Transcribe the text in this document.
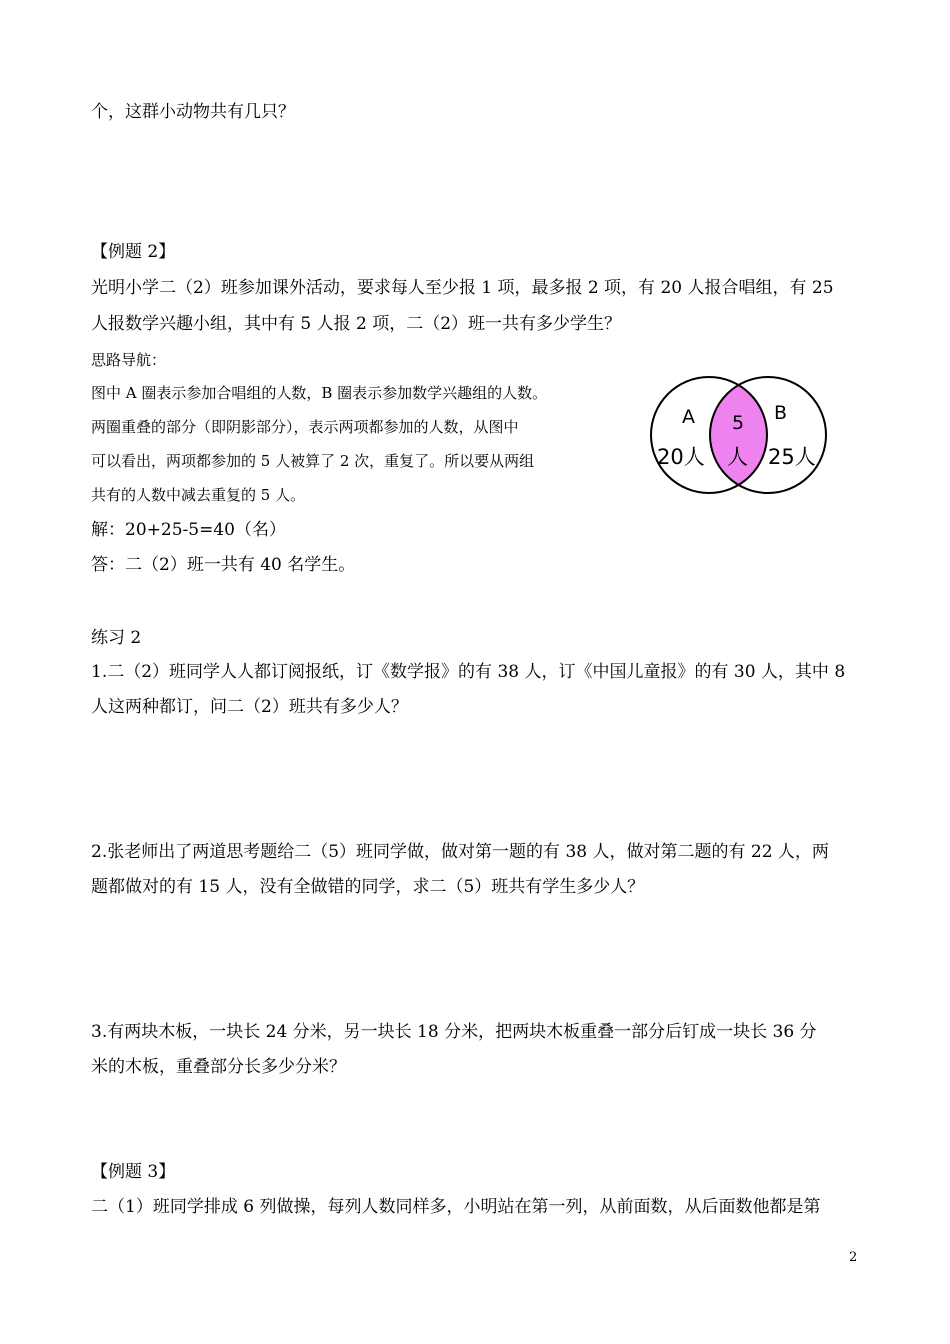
个，这群小动物共有几只？
【例题 2】
光明小学二（2）班参加课外活动，要求每人至少报 1 项，最多报 2 项，有 20 人报合唱组，有 25
人报数学兴趣小组，其中有 5 人报 2 项，二（2）班一共有多少学生？
思路导航：
图中 A 圈表示参加合唱组的人数，B 圈表示参加数学兴趣组的人数。
两圈重叠的部分（即阴影部分），表示两项都参加的人数，从图中
可以看出，两项都参加的 5 人被算了 2 次，重复了。所以要从两组
共有的人数中减去重复的 5 人。
解：20+25-5=40（名）
答：二（2）班一共有 40 名学生。
A	B
5
20人 人 25人
练习 2
1.二（2）班同学人人都订阅报纸，订《数学报》的有 38 人，订《中国儿童报》的有 30 人，其中 8
人这两种都订，问二（2）班共有多少人？
2.张老师出了两道思考题给二（5）班同学做，做对第一题的有 38 人，做对第二题的有 22 人，两
题都做对的有 15 人，没有全做错的同学，求二（5）班共有学生多少人？
3.有两块木板，一块长 24 分米，另一块长 18 分米，把两块木板重叠一部分后钉成一块长 36 分
米的木板，重叠部分长多少分米？
【例题 3】
二（1）班同学排成 6 列做操，每列人数同样多，小明站在第一列，从前面数，从后面数他都是第
2
